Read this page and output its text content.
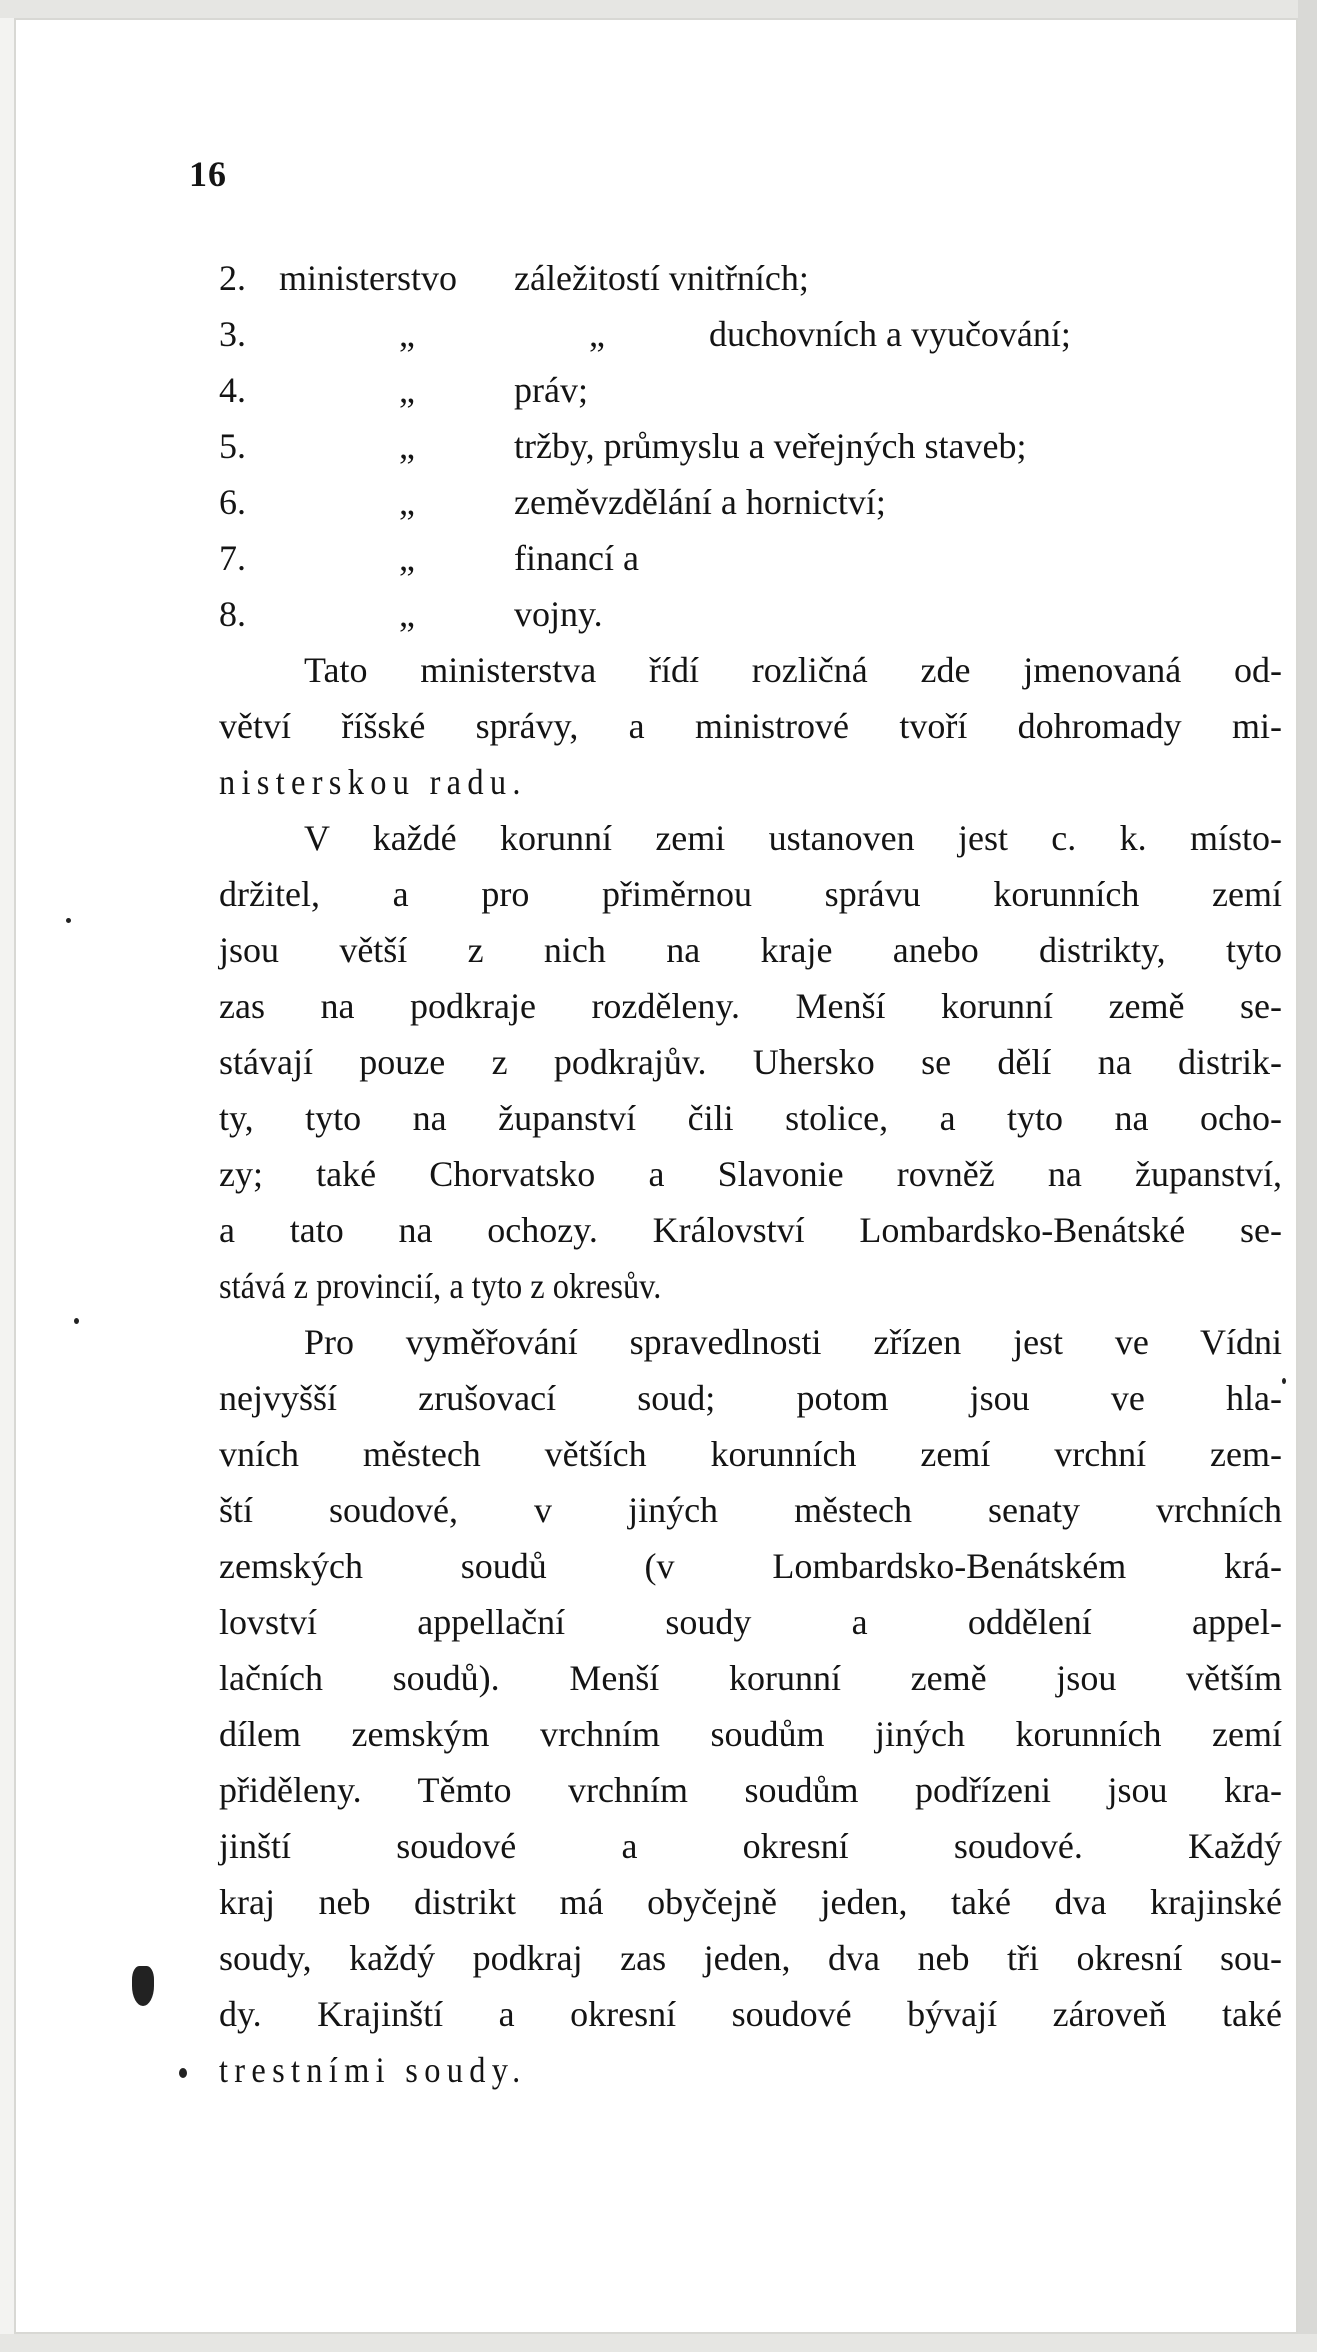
16
2. ministerstvo záležitostí vnitřních;
3.	„	„	duchovních a vyučování;
4.	„	práv;
5.	„	tržby, průmyslu a veřejných staveb;
6.	„	zeměvzdělání a hornictví;
7.	„	financí a
8.	„	vojny.
Tato ministerstva řídí rozličná zde jmenovaná od-
větví říšské správy, a ministrové tvoří dohromady mi-
nisterskou radu.
V každé korunní zemi ustanoven jest c. k. místo-
držitel, a pro přiměrnou správu korunních zemí
jsou větší z nich na kraje anebo distrikty, tyto
zas na podkraje rozděleny. Menší korunní země se-
stávají pouze z podkrajův. Uhersko se dělí na distrik-
ty, tyto na županství čili stolice, a tyto na ocho-
zy; také Chorvatsko a Slavonie rovněž na županství,
a tato na ochozy. Království Lombardsko-Benátské se-
stává z provincií, a tyto z okresův.
Pro vyměřování spravedlnosti zřízen jest ve Vídni
nejvyšší zrušovací soud; potom jsou ve hla-
vních městech větších korunních zemí vrchní zem-
ští soudové, v jiných městech senaty vrchních
zemských soudů (v Lombardsko-Benátském krá-
lovství appellační soudy a oddělení appel-
lačních soudů). Menší korunní země jsou větším
dílem zemským vrchním soudům jiných korunních zemí
přiděleny. Těmto vrchním soudům podřízeni jsou kra-
jinští soudové a okresní soudové. Každý
kraj neb distrikt má obyčejně jeden, také dva krajinské
soudy, každý podkraj zas jeden, dva neb tři okresní sou-
dy. Krajinští a okresní soudové bývají zároveň také
trestními soudy.
